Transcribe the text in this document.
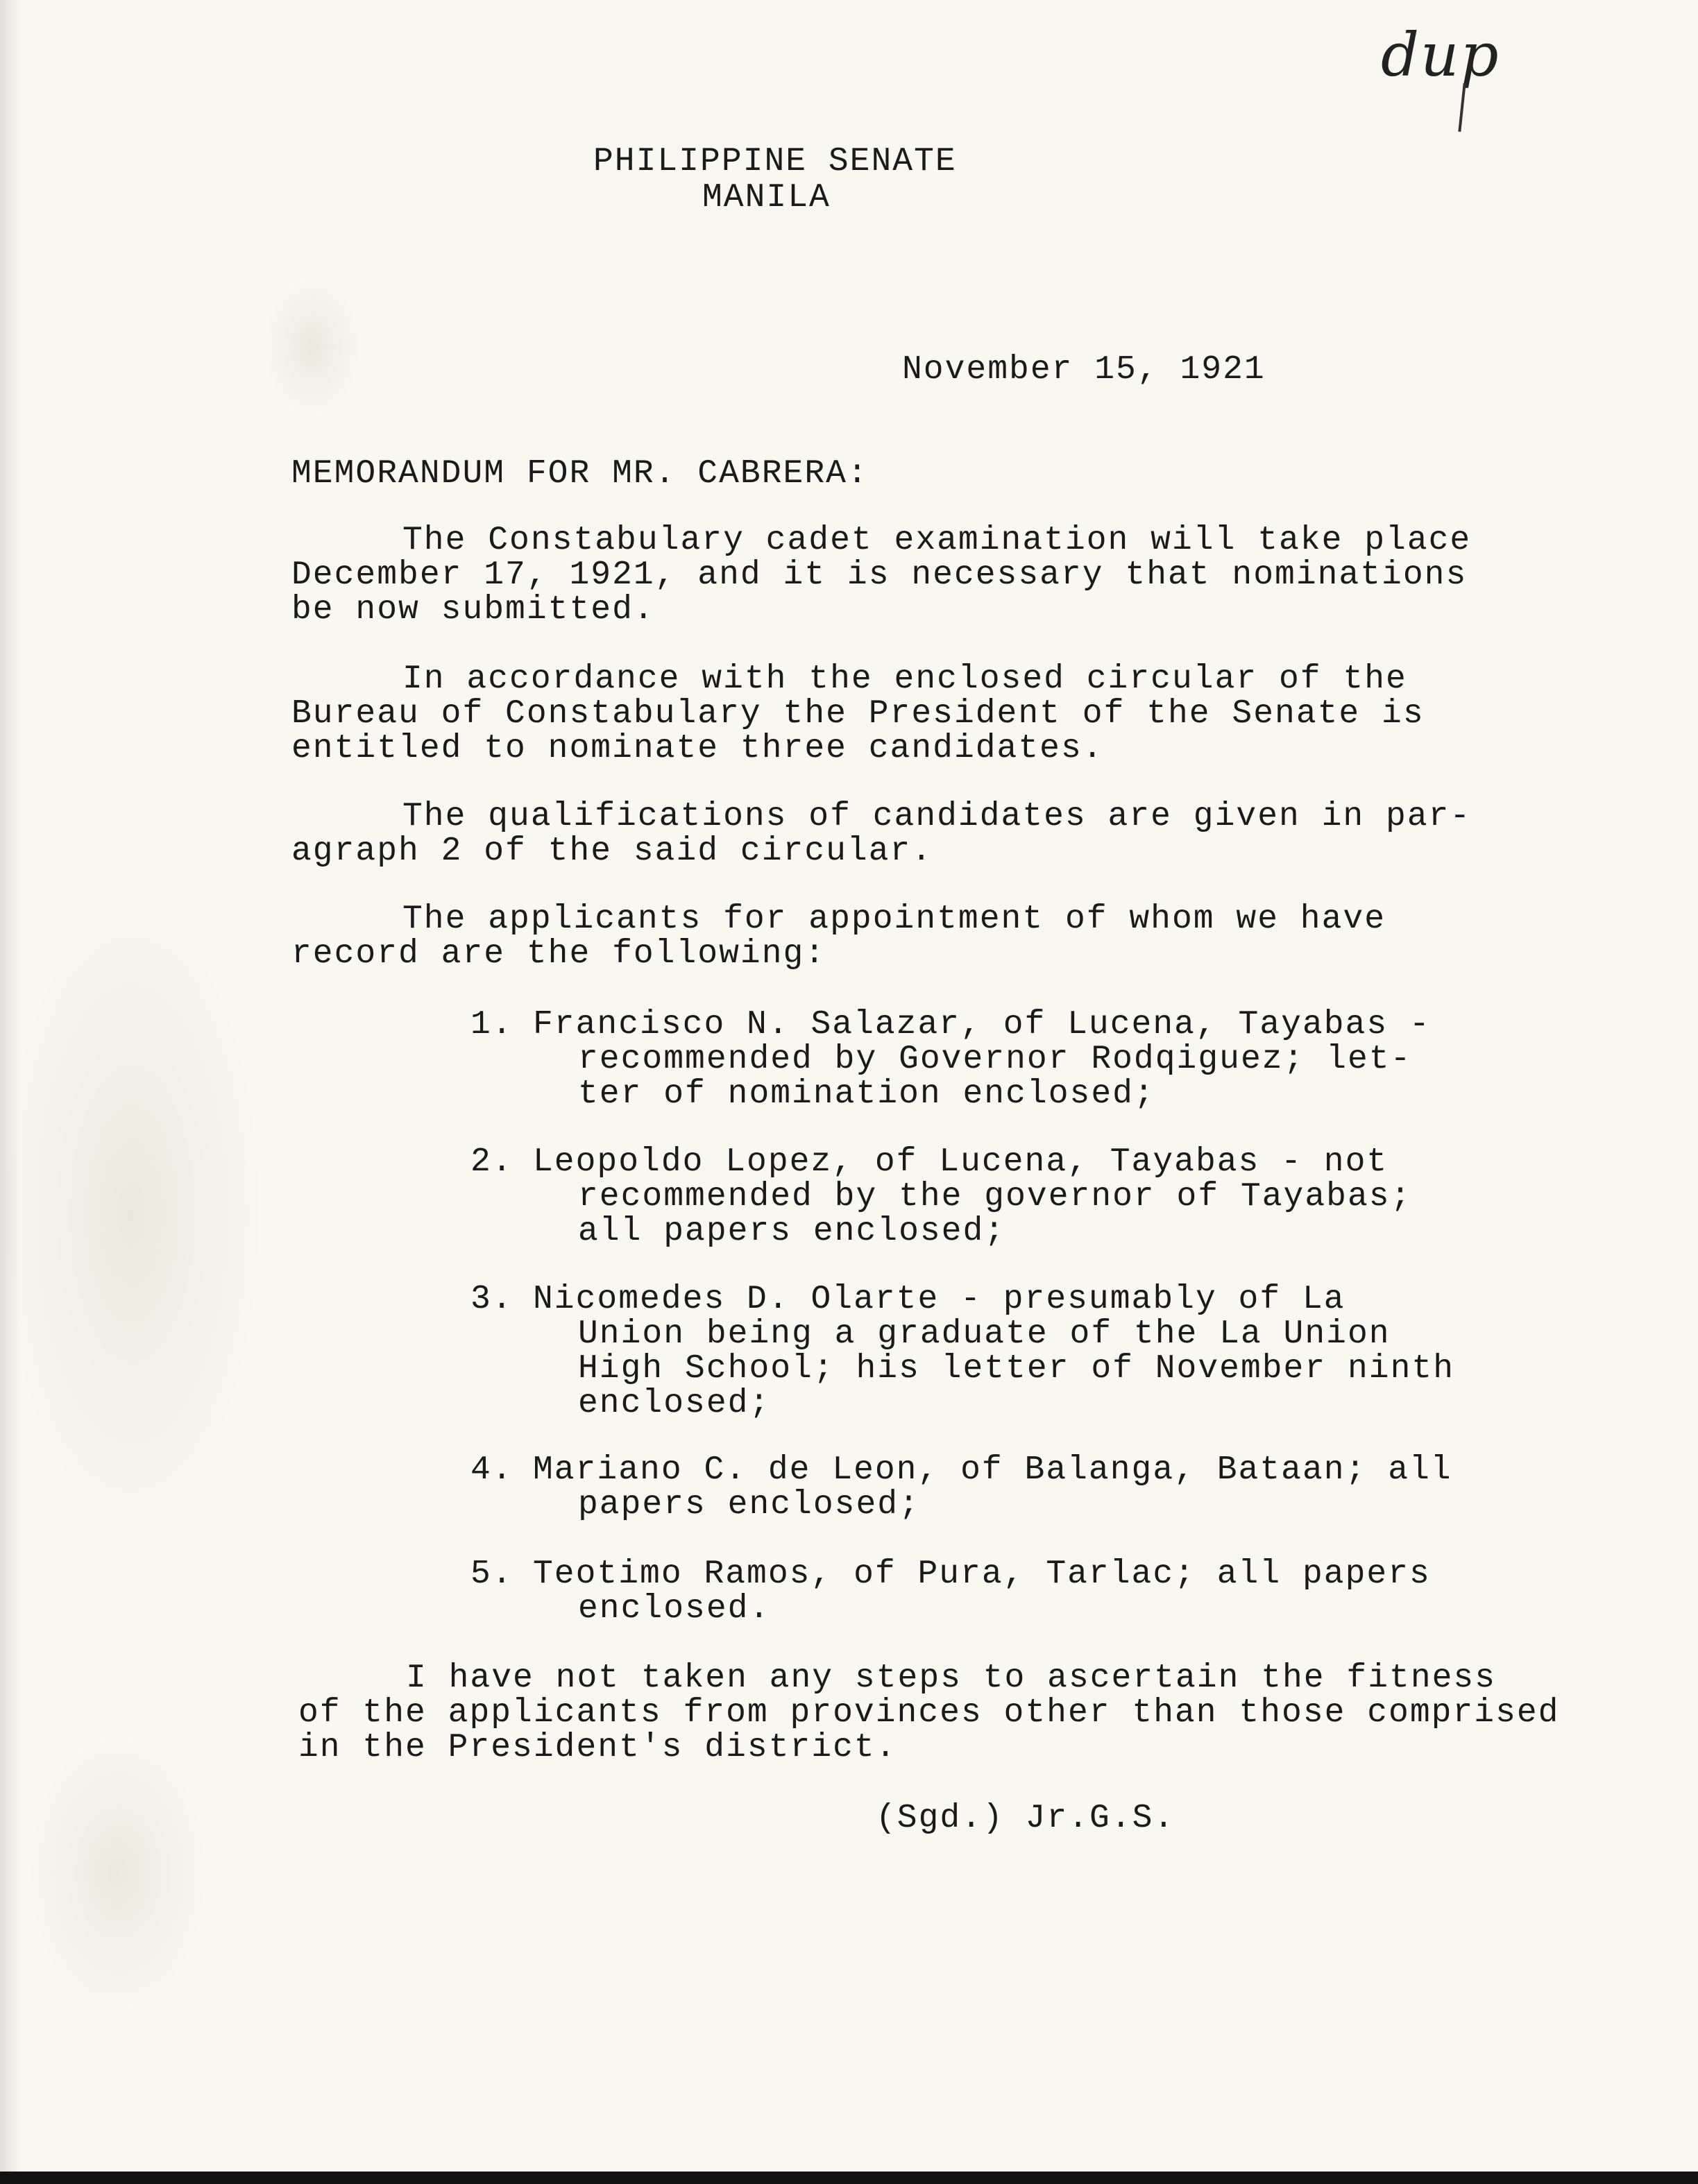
dup
PHILIPPINE SENATE
MANILA
November 15, 1921
MEMORANDUM FOR MR. CABRERA:
The Constabulary cadet examination will take place
December 17, 1921, and it is necessary that nominations
be now submitted.
In accordance with the enclosed circular of the
Bureau of Constabulary the President of the Senate is
entitled to nominate three candidates.
The qualifications of candidates are given in par-
agraph 2 of the said circular.
The applicants for appointment of whom we have
record are the following:
1. Francisco N. Salazar, of Lucena, Tayabas -
recommended by Governor Rodqiguez; let-
ter of nomination enclosed;
2. Leopoldo Lopez, of Lucena, Tayabas - not
recommended by the governor of Tayabas;
all papers enclosed;
3. Nicomedes D. Olarte - presumably of La
Union being a graduate of the La Union
High School; his letter of November ninth
enclosed;
4. Mariano C. de Leon, of Balanga, Bataan; all
papers enclosed;
5. Teotimo Ramos, of Pura, Tarlac; all papers
enclosed.
I have not taken any steps to ascertain the fitness
of the applicants from provinces other than those comprised
in the President's district.
(Sgd.) Jr.G.S.
